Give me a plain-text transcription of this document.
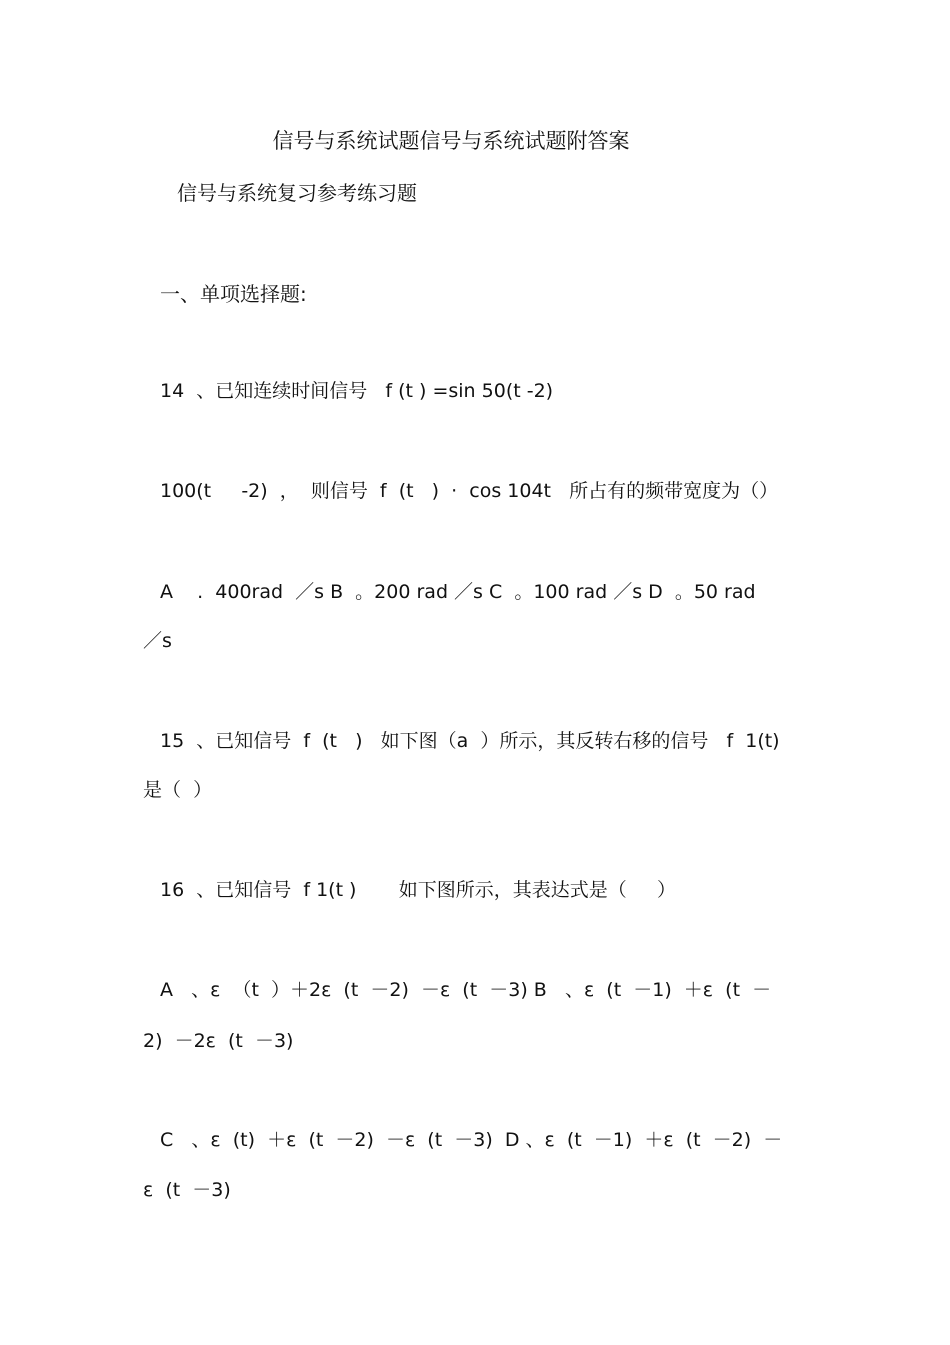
信号与系统试题信号与系统试题附答案
信号与系统复习参考练习题
一、单项选择题:
14  、已知连续时间信号   f (t ) =sin 50(t -2)
100(t     -2)  ，  则信号  f  (t   )  ·  cos 104t   所占有的频带宽度为（）
A    .  400rad  ／s B  。200 rad ／s C  。100 rad ／s D  。50 rad
／s
15  、已知信号  f  (t   )   如下图（a  ）所示，其反转右移的信号   f  1(t)
是（  ）
16  、已知信号  f 1(t )       如下图所示，其表达式是（     ）
A   、ε  （t  ）＋2ε  (t  －2)  －ε  (t  －3) B   、ε  (t  －1)  ＋ε  (t  －
2)  －2ε  (t  －3)
C   、ε  (t)  ＋ε  (t  －2)  －ε  (t  －3)  D 、ε  (t  －1)  ＋ε  (t  －2)  －
ε  (t  －3)
